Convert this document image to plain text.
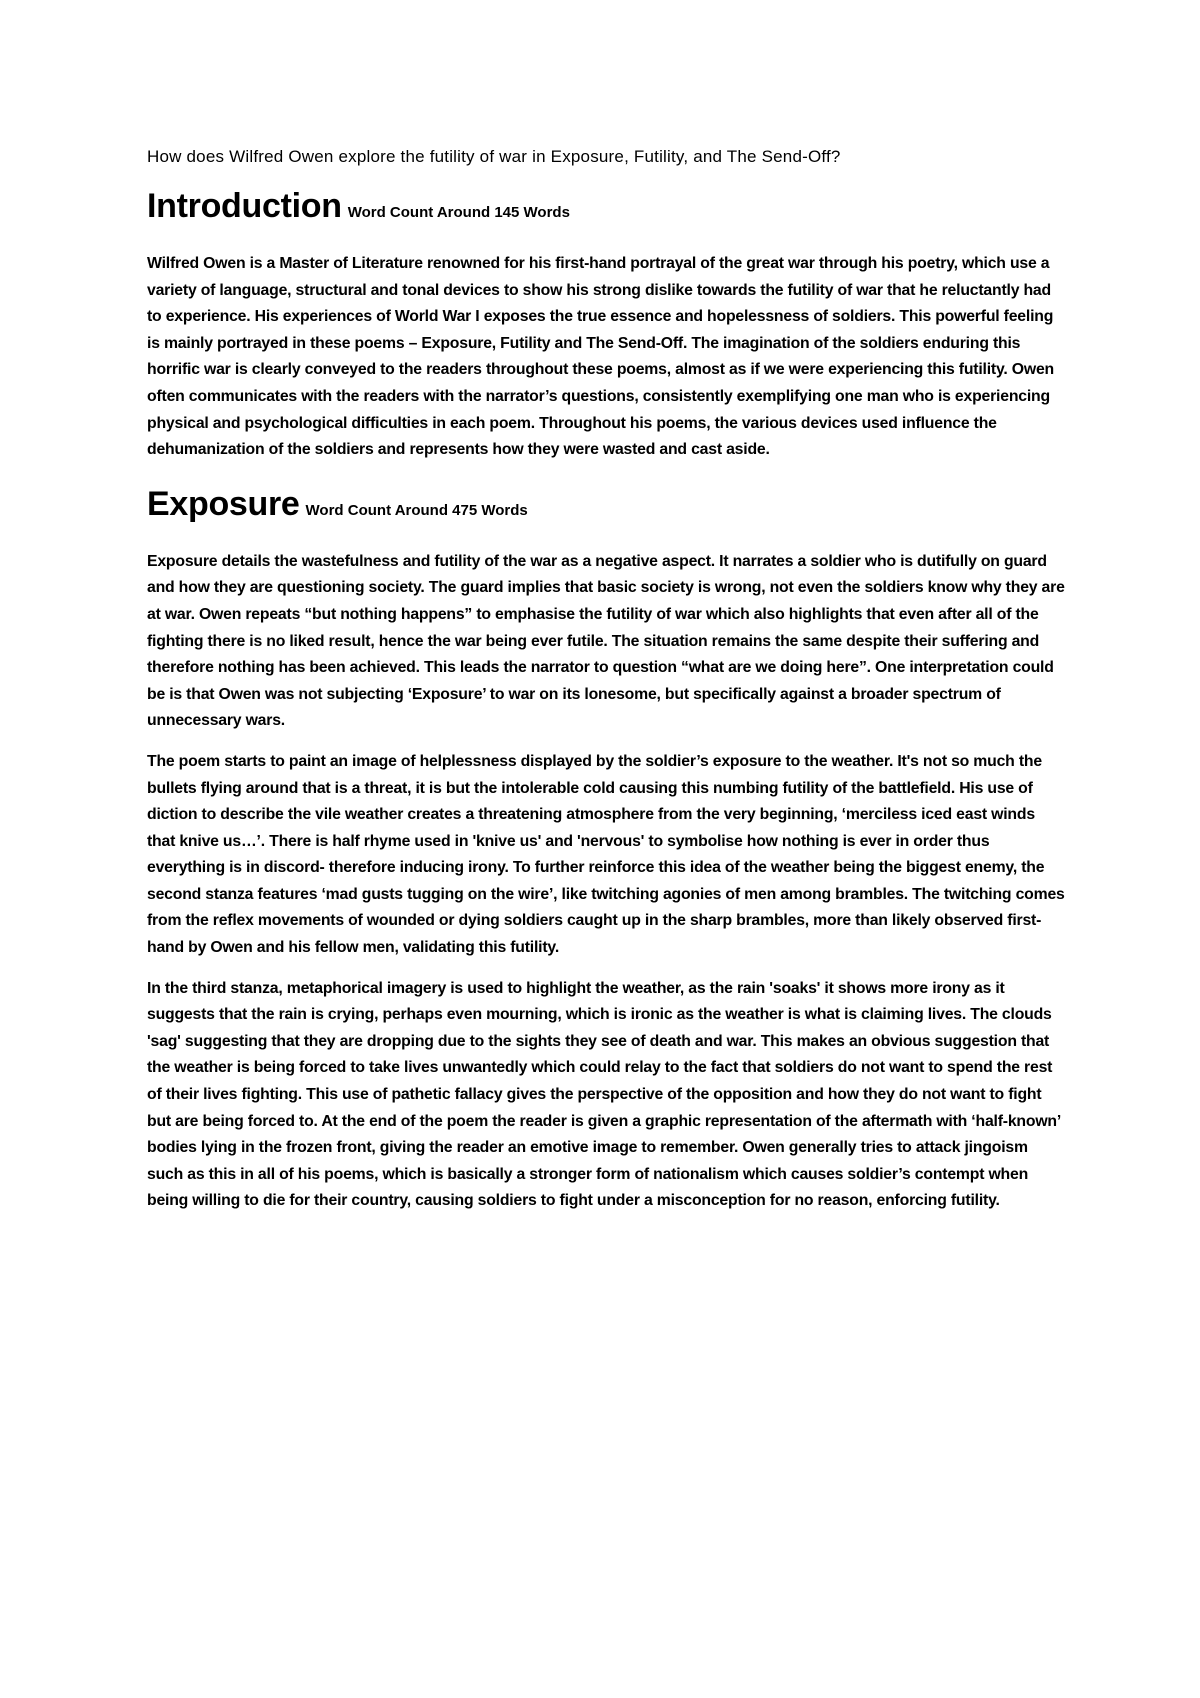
How does Wilfred Owen explore the futility of war in Exposure, Futility, and The Send-Off?

Introduction Word Count Around 145 Words

Wilfred Owen is a Master of Literature renowned for his first-hand portrayal of the great war through his poetry, which use a variety of language, structural and tonal devices to show his strong dislike towards the futility of war that he reluctantly had to experience. His experiences of World War I exposes the true essence and hopelessness of soldiers. This powerful feeling is mainly portrayed in these poems – Exposure, Futility and The Send-Off. The imagination of the soldiers enduring this horrific war is clearly conveyed to the readers throughout these poems, almost as if we were experiencing this futility. Owen often communicates with the readers with the narrator’s questions, consistently exemplifying one man who is experiencing physical and psychological difficulties in each poem. Throughout his poems, the various devices used influence the dehumanization of the soldiers and represents how they were wasted and cast aside.

Exposure Word Count Around 475 Words

Exposure details the wastefulness and futility of the war as a negative aspect. It narrates a soldier who is dutifully on guard and how they are questioning society. The guard implies that basic society is wrong, not even the soldiers know why they are at war. Owen repeats “but nothing happens” to emphasise the futility of war which also highlights that even after all of the fighting there is no liked result, hence the war being ever futile. The situation remains the same despite their suffering and therefore nothing has been achieved. This leads the narrator to question “what are we doing here”. One interpretation could be is that Owen was not subjecting ‘Exposure’ to war on its lonesome, but specifically against a broader spectrum of unnecessary wars.

The poem starts to paint an image of helplessness displayed by the soldier’s exposure to the weather. It's not so much the bullets flying around that is a threat, it is but the intolerable cold causing this numbing futility of the battlefield. His use of diction to describe the vile weather creates a threatening atmosphere from the very beginning, ‘merciless iced east winds that knive us…’. There is half rhyme used in 'knive us' and 'nervous' to symbolise how nothing is ever in order thus everything is in discord- therefore inducing irony. To further reinforce this idea of the weather being the biggest enemy, the second stanza features ‘mad gusts tugging on the wire’, like twitching agonies of men among brambles. The twitching comes from the reflex movements of wounded or dying soldiers caught up in the sharp brambles, more than likely observed first-hand by Owen and his fellow men, validating this futility.

In the third stanza, metaphorical imagery is used to highlight the weather, as the rain 'soaks' it shows more irony as it suggests that the rain is crying, perhaps even mourning, which is ironic as the weather is what is claiming lives. The clouds 'sag' suggesting that they are dropping due to the sights they see of death and war. This makes an obvious suggestion that the weather is being forced to take lives unwantedly which could relay to the fact that soldiers do not want to spend the rest of their lives fighting. This use of pathetic fallacy gives the perspective of the opposition and how they do not want to fight but are being forced to. At the end of the poem the reader is given a graphic representation of the aftermath with ‘half-known’ bodies lying in the frozen front, giving the reader an emotive image to remember. Owen generally tries to attack jingoism such as this in all of his poems, which is basically a stronger form of nationalism which causes soldier’s contempt when being willing to die for their country, causing soldiers to fight under a misconception for no reason, enforcing futility.
